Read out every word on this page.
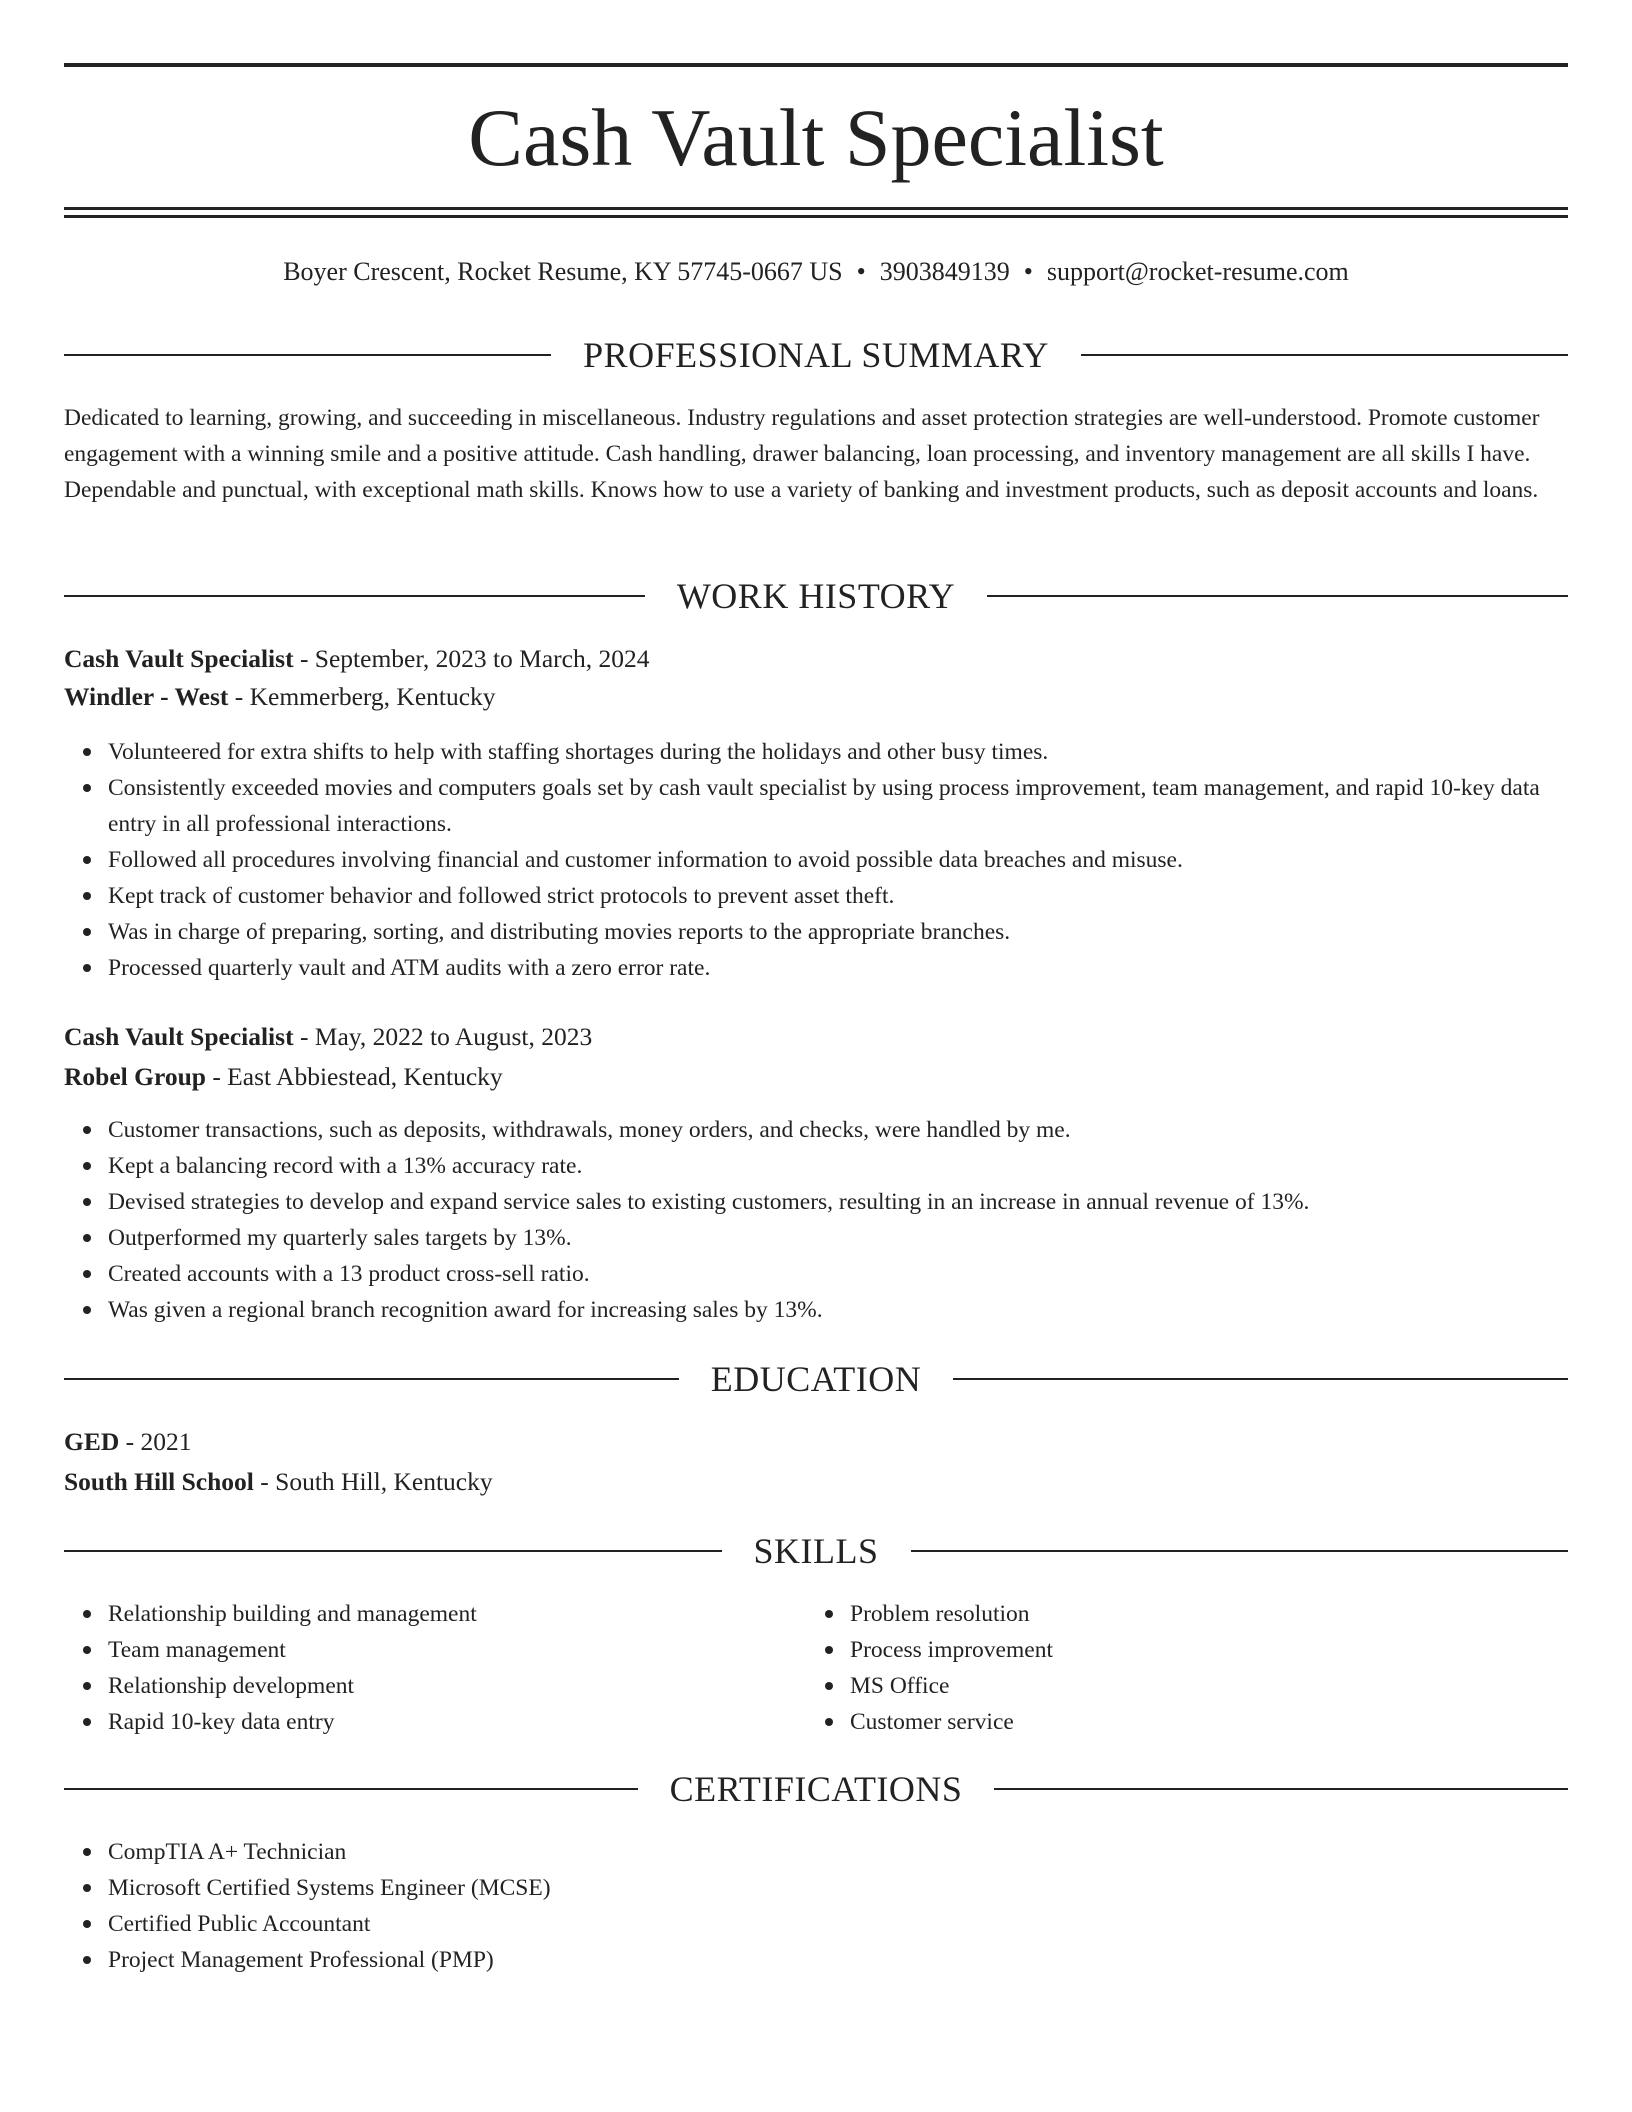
Cash Vault Specialist
Boyer Crescent, Rocket Resume, KY 57745-0667 US • 3903849139 • support@rocket-resume.com
PROFESSIONAL SUMMARY

Dedicated to learning, growing, and succeeding in miscellaneous. Industry regulations and asset protection strategies are well-understood. Promote customer engagement with a winning smile and a positive attitude. Cash handling, drawer balancing, loan processing, and inventory management are all skills I have. Dependable and punctual, with exceptional math skills. Knows how to use a variety of banking and investment products, such as deposit accounts and loans.

WORK HISTORY
Cash Vault Specialist - September, 2023 to March, 2024
Windler - West - Kemmerberg, Kentucky
Volunteered for extra shifts to help with staffing shortages during the holidays and other busy times.
Consistently exceeded movies and computers goals set by cash vault specialist by using process improvement, team management, and rapid 10-key data entry in all professional interactions.
Followed all procedures involving financial and customer information to avoid possible data breaches and misuse.
Kept track of customer behavior and followed strict protocols to prevent asset theft.
Was in charge of preparing, sorting, and distributing movies reports to the appropriate branches.
Processed quarterly vault and ATM audits with a zero error rate.
Cash Vault Specialist - May, 2022 to August, 2023
Robel Group - East Abbiestead, Kentucky
Customer transactions, such as deposits, withdrawals, money orders, and checks, were handled by me.
Kept a balancing record with a 13% accuracy rate.
Devised strategies to develop and expand service sales to existing customers, resulting in an increase in annual revenue of 13%.
Outperformed my quarterly sales targets by 13%.
Created accounts with a 13 product cross-sell ratio.
Was given a regional branch recognition award for increasing sales by 13%.
EDUCATION
GED - 2021
South Hill School - South Hill, Kentucky
SKILLS
Relationship building and management
Team management
Relationship development
Rapid 10-key data entry
Problem resolution
Process improvement
MS Office
Customer service
CERTIFICATIONS
CompTIA A+ Technician
Microsoft Certified Systems Engineer (MCSE)
Certified Public Accountant
Project Management Professional (PMP)
